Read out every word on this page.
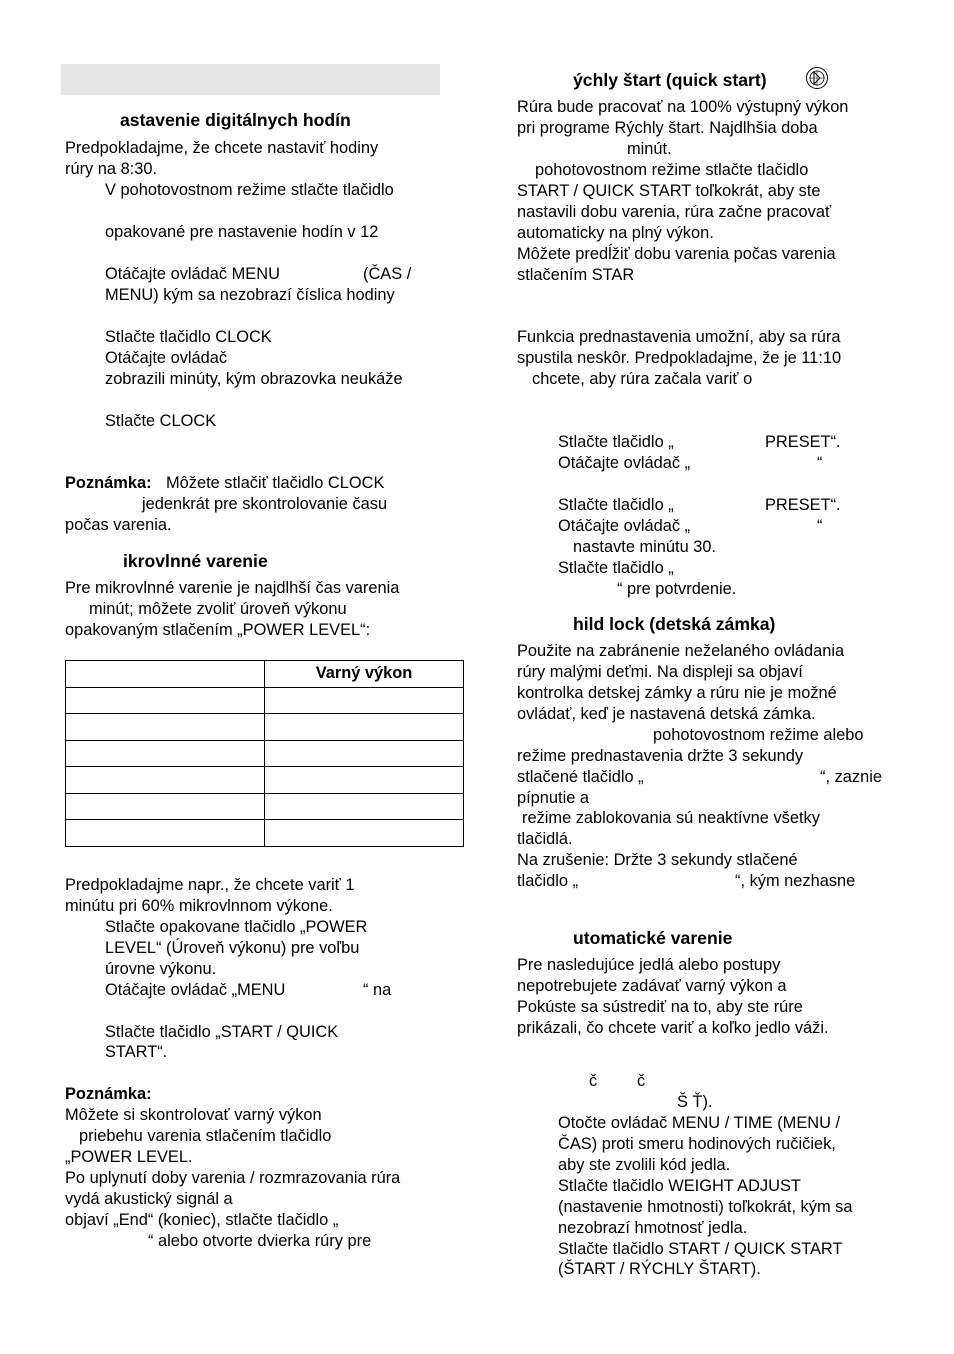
astavenie digitálnych hodín
Predpokladajme, že chcete nastaviť hodiny
rúry na 8:30.
V pohotovostnom režime stlačte tlačidlo
opakované pre nastavenie hodín v 12
Otáčajte ovládač MENU	(ČAS /
MENU) kým sa nezobrazí číslica hodiny
Stlačte tlačidlo CLOCK
Otáčajte ovládač
zobrazili minúty, kým obrazovka neukáže
Stlačte CLOCK
Poznámka: Môžete stlačiť tlačidlo CLOCK
jedenkrát pre skontrolovanie času
počas varenia.
ikrovlnné varenie
Pre mikrovlnné varenie je najdlhší čas varenia
minút; môžete zvoliť úroveň výkonu
opakovaným stlačením „POWER LEVEL“:
	Varný výkon

Predpokladajme napr., že chcete variť 1
minútu pri 60% mikrovlnnom výkone.
Stlačte opakovane tlačidlo „POWER
LEVEL“ (Úroveň výkonu) pre voľbu
úrovne výkonu.
Otáčajte ovládač „MENU	“ na
Stlačte tlačidlo „START / QUICK
START“.
Poznámka:
Môžete si skontrolovať varný výkon
priebehu varenia stlačením tlačidlo
„POWER LEVEL.
Po uplynutí doby varenia / rozmrazovania rúra
vydá akustický signál a
objaví „End“ (koniec), stlačte tlačidlo „
“ alebo otvorte dvierka rúry pre
ýchly štart (quick start)
Rúra bude pracovať na 100% výstupný výkon
pri programe Rýchly štart. Najdlhšia doba
minút.
pohotovostnom režime stlačte tlačidlo
START / QUICK START toľkokrát, aby ste
nastavili dobu varenia, rúra začne pracovať
automaticky na plný výkon.
Môžete predĺžiť dobu varenia počas varenia
stlačením STAR
Funkcia prednastavenia umožní, aby sa rúra
spustila neskôr. Predpokladajme, že je 11:10
chcete, aby rúra začala variť o
Stlačte tlačidlo „	PRESET“.
Otáčajte ovládač „	“
Stlačte tlačidlo „	PRESET“.
Otáčajte ovládač „	“
nastavte minútu 30.
Stlačte tlačidlo „
“ pre potvrdenie.
hild lock (detská zámka)
Použite na zabránenie neželaného ovládania
rúry malými deťmi. Na displeji sa objaví
kontrolka detskej zámky a rúru nie je možné
ovládať, keď je nastavená detská zámka.
pohotovostnom režime alebo
režime prednastavenia držte 3 sekundy
stlačené tlačidlo „	“, zaznie
pípnutie a
režime zablokovania sú neaktívne všetky
tlačidlá.
Na zrušenie: Držte 3 sekundy stlačené
tlačidlo „	“, kým nezhasne
utomatické varenie
Pre nasledujúce jedlá alebo postupy
nepotrebujete zadávať varný výkon a
Pokúste sa sústrediť na to, aby ste rúre
prikázali, čo chcete variť a koľko jedlo váži.
č č
Š Ť).
Otočte ovládač MENU / TIME (MENU /
ČAS) proti smeru hodinových ručičiek,
aby ste zvolili kód jedla.
Stlačte tlačidlo WEIGHT ADJUST
(nastavenie hmotnosti) toľkokrát, kým sa
nezobrazí hmotnosť jedla.
Stlačte tlačidlo START / QUICK START
(ŠTART / RÝCHLY ŠTART).
